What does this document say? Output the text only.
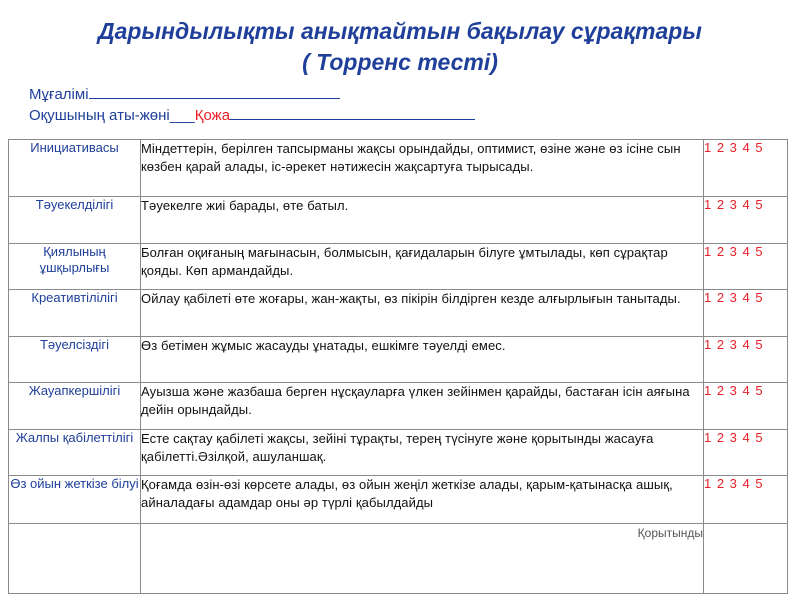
Дарындылықты анықтайтын бақылау сұрақтары
( Торренс тесті)
Мұғалімі
Оқушының аты-жөні___Қожа
Инициативасы	Міндеттерін, берілген тапсырманы жақсы орындайды, оптимист, өзіне және өз ісіне сын көзбен қарай алады, іс-әрекет нәтижесін жақсартуға тырысады.	1 2 3 4 5
Тәуекелділігі	Тәуекелге жиі барады, өте батыл.	1 2 3 4 5
Қиялының ұшқырлығы	Болған оқиғаның мағынасын, болмысын, қағидаларын білуге ұмтылады, көп сұрақтар қояды. Көп армандайды.	1 2 3 4 5
Креативтілілігі	Ойлау қабілеті өте жоғары, жан-жақты, өз пікірін білдірген кезде алғырлығын танытады.	1 2 3 4 5
Тәуелсіздігі	Өз бетімен жұмыс жасауды ұнатады, ешкімге тәуелді емес.	1 2 3 4 5
Жауапкершілігі	Ауызша және жазбаша берген нұсқауларға үлкен зейінмен қарайды, бастаған ісін аяғына дейін орындайды.	1 2 3 4 5
Жалпы қабілеттілігі	Есте сақтау қабілеті жақсы, зейіні тұрақты, терең түсінуге және қорытынды жасауға қабілетті.Әзілқой, ашуланшақ.	1 2 3 4 5
Өз ойын жеткізе білуі	Қоғамда өзін-өзі көрсете алады, өз ойын жеңіл жеткізе алады, қарым-қатынасқа ашық, айналадағы адамдар оны әр түрлі қабылдайды	1 2 3 4 5

	Қорытынды	
